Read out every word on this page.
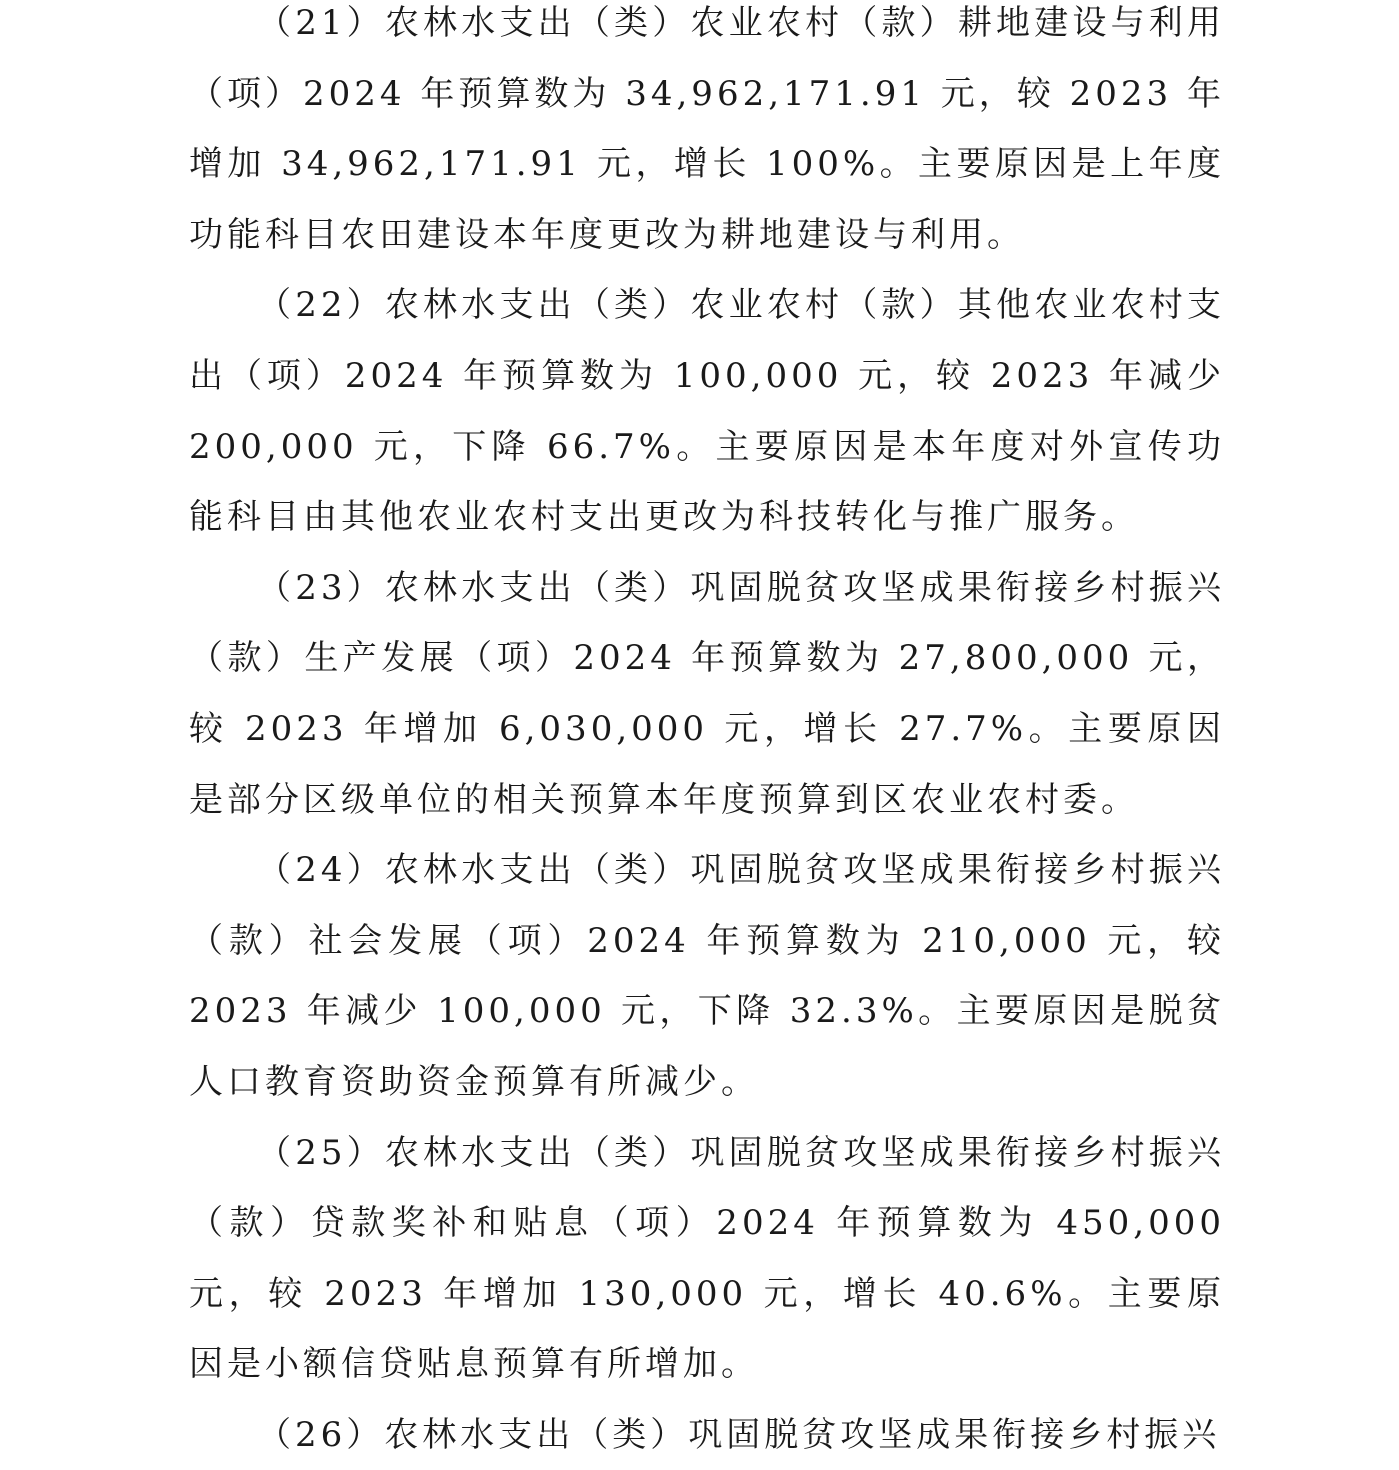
（21）农林水支出（类）农业农村（款）耕地建设与利用（项）2024 年预算数为 34,962,171.91 元，较 2023 年增加 34,962,171.91 元，增长 100%。主要原因是上年度功能科目农田建设本年度更改为耕地建设与利用。

（22）农林水支出（类）农业农村（款）其他农业农村支出（项）2024 年预算数为 100,000 元，较 2023 年减少 200,000 元，下降 66.7%。主要原因是本年度对外宣传功能科目由其他农业农村支出更改为科技转化与推广服务。

（23）农林水支出（类）巩固脱贫攻坚成果衔接乡村振兴（款）生产发展（项）2024 年预算数为 27,800,000 元，较 2023 年增加 6,030,000 元，增长 27.7%。主要原因是部分区级单位的相关预算本年度预算到区农业农村委。

（24）农林水支出（类）巩固脱贫攻坚成果衔接乡村振兴（款）社会发展（项）2024 年预算数为 210,000 元，较 2023 年减少 100,000 元，下降 32.3%。主要原因是脱贫人口教育资助资金预算有所减少。

（25）农林水支出（类）巩固脱贫攻坚成果衔接乡村振兴（款）贷款奖补和贴息（项）2024 年预算数为 450,000 元，较 2023 年增加 130,000 元，增长 40.6%。主要原因是小额信贷贴息预算有所增加。

（26）农林水支出（类）巩固脱贫攻坚成果衔接乡村振兴
